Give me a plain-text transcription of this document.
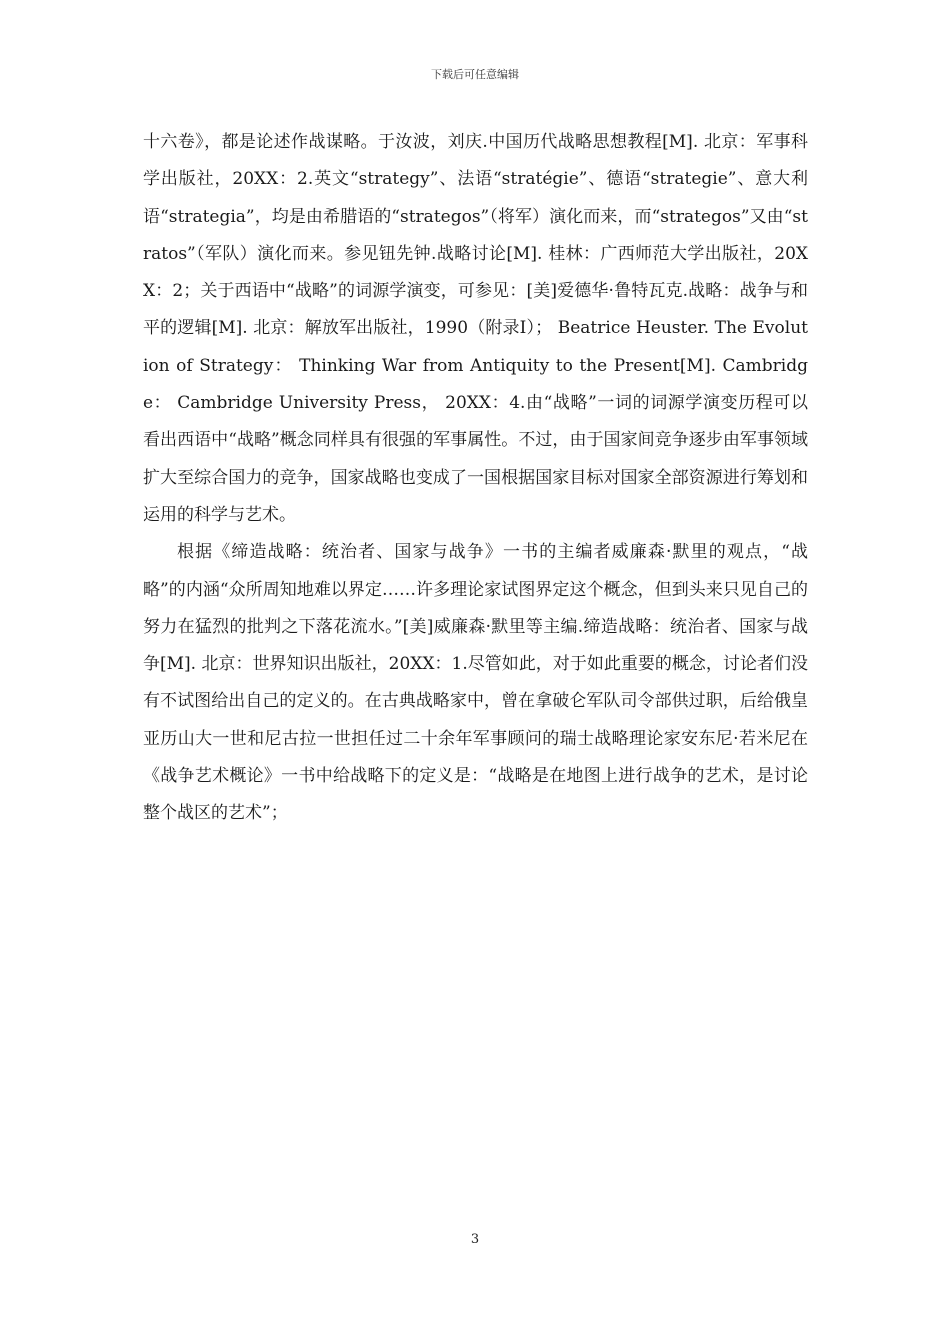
下载后可任意编辑

十六卷》，都是论述作战谋略。于汝波，刘庆.中国历代战略思想教程[M]. 北京：军事科学出版社，20XX：2.英文“strategy”、法语“stratégie”、德语“strategie”、意大利语“strategia”，均是由希腊语的“strategos”（将军）演化而来，而“strategos”又由“stratos”（军队）演化而来。参见钮先钟.战略讨论[M]. 桂林：广西师范大学出版社，20XX：2；关于西语中“战略”的词源学演变，可参见：[美]爱德华·鲁特瓦克.战略：战争与和平的逻辑[M]. 北京：解放军出版社，1990（附录Ⅰ）； Beatrice Heuster. The Evolution of Strategy： Thinking War from Antiquity to the Present[M]. Cambridge： Cambridge University Press， 20XX：4.由“战略”一词的词源学演变历程可以看出西语中“战略”概念同样具有很强的军事属性。不过，由于国家间竞争逐步由军事领域扩大至综合国力的竞争，国家战略也变成了一国根据国家目标对国家全部资源进行筹划和运用的科学与艺术。

根据《缔造战略：统治者、国家与战争》一书的主编者威廉森·默里的观点，“战略”的内涵“众所周知地难以界定……许多理论家试图界定这个概念，但到头来只见自己的努力在猛烈的批判之下落花流水。”[美]威廉森·默里等主编.缔造战略：统治者、国家与战争[M]. 北京：世界知识出版社，20XX：1.尽管如此，对于如此重要的概念，讨论者们没有不试图给出自己的定义的。在古典战略家中，曾在拿破仑军队司令部供过职，后给俄皇亚历山大一世和尼古拉一世担任过二十余年军事顾问的瑞士战略理论家安东尼·若米尼在《战争艺术概论》一书中给战略下的定义是：“战略是在地图上进行战争的艺术，是讨论整个战区的艺术”；

3
